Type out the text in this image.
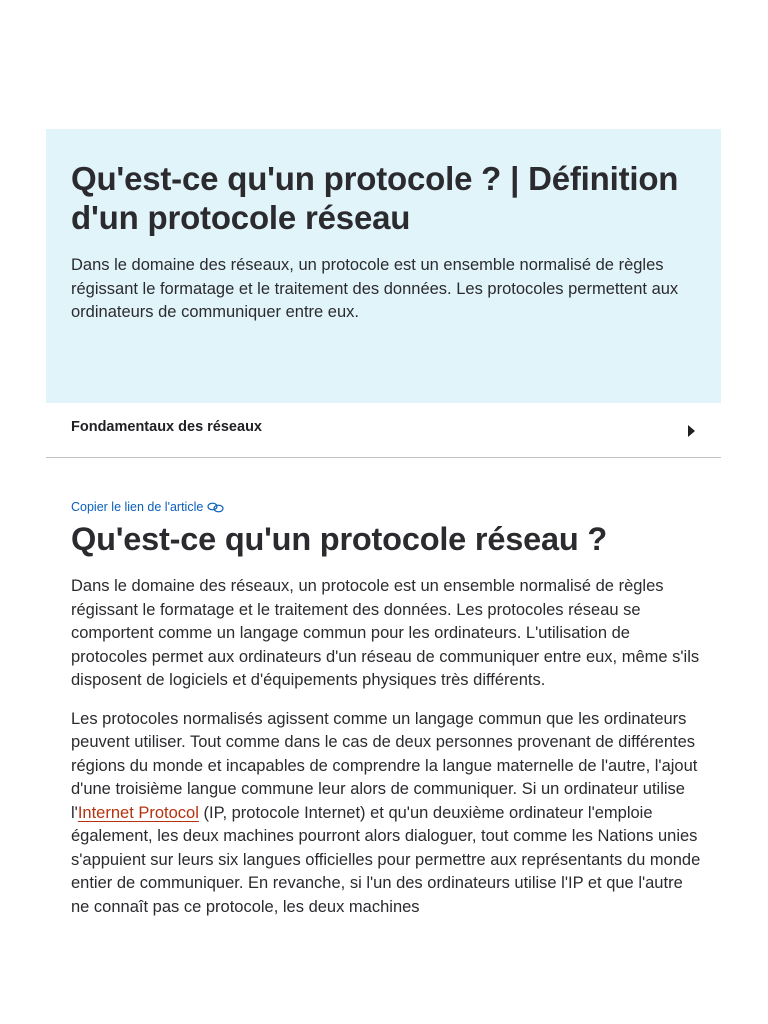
Qu'est-ce qu'un protocole ? | Définition d'un protocole réseau

Dans le domaine des réseaux, un protocole est un ensemble normalisé de règles régissant le formatage et le traitement des données. Les protocoles permettent aux ordinateurs de communiquer entre eux.

Fondamentaux des réseaux
Copier le lien de l'article
Qu'est-ce qu'un protocole réseau ?

Dans le domaine des réseaux, un protocole est un ensemble normalisé de règles régissant le formatage et le traitement des données. Les protocoles réseau se comportent comme un langage commun pour les ordinateurs. L'utilisation de protocoles permet aux ordinateurs d'un réseau de communiquer entre eux, même s'ils disposent de logiciels et d'équipements physiques très différents.

Les protocoles normalisés agissent comme un langage commun que les ordinateurs peuvent utiliser. Tout comme dans le cas de deux personnes provenant de différentes régions du monde et incapables de comprendre la langue maternelle de l'autre, l'ajout d'une troisième langue commune leur alors de communiquer. Si un ordinateur utilise l'Internet Protocol (IP, protocole Internet) et qu'un deuxième ordinateur l'emploie également, les deux machines pourront alors dialoguer, tout comme les Nations unies s'appuient sur leurs six langues officielles pour permettre aux représentants du monde entier de communiquer. En revanche, si l'un des ordinateurs utilise l'IP et que l'autre ne connaît pas ce protocole, les deux machines
